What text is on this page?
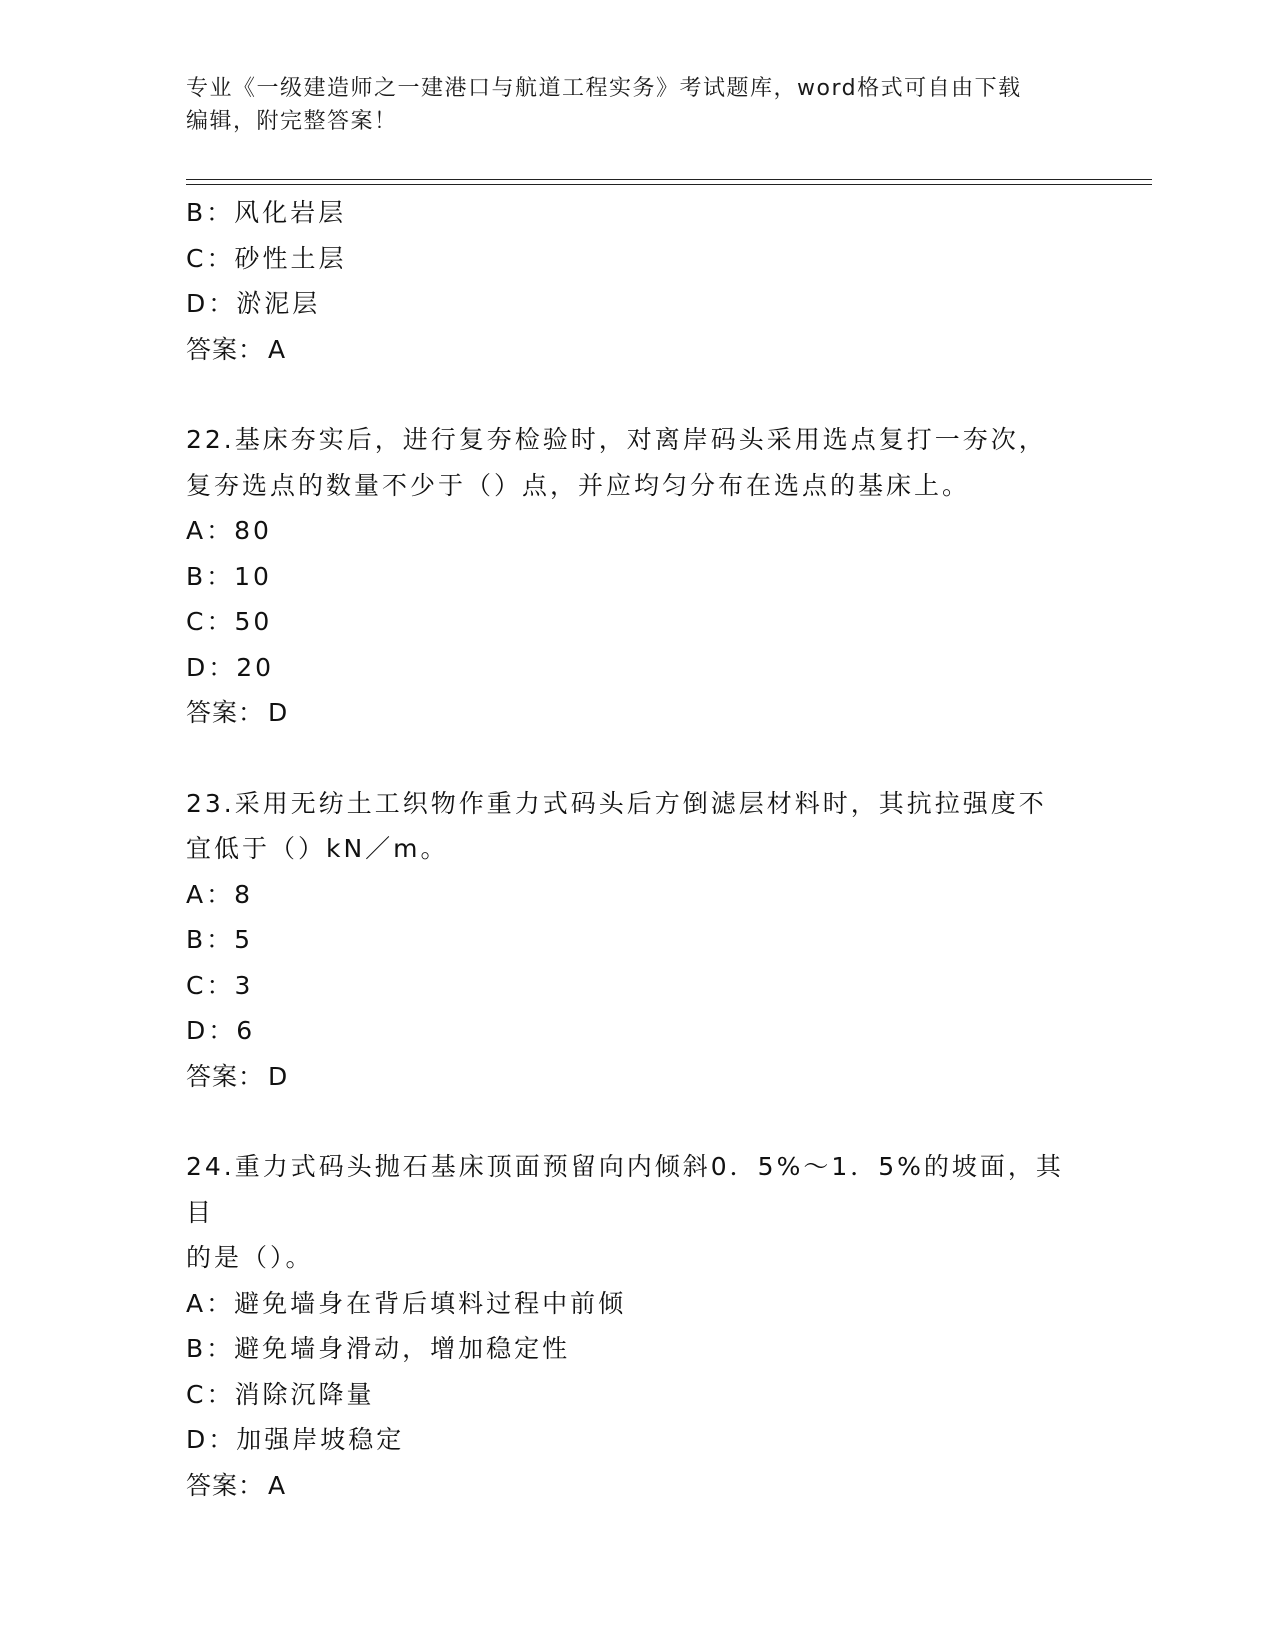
专业《一级建造师之一建港口与航道工程实务》考试题库，word格式可自由下载
编辑，附完整答案！
B：风化岩层
C：砂性土层
D：淤泥层
答案： A
22.基床夯实后，进行复夯检验时，对离岸码头采用选点复打一夯次，
复夯选点的数量不少于（）点，并应均匀分布在选点的基床上。
A：80
B：10
C：50
D：20
答案： D
23.采用无纺土工织物作重力式码头后方倒滤层材料时，其抗拉强度不
宜低于（）kN／m。
A：8
B：5
C：3
D：6
答案： D
24.重力式码头抛石基床顶面预留向内倾斜0．5%～1．5%的坡面，其目
的是（）。
A：避免墙身在背后填料过程中前倾
B：避免墙身滑动，增加稳定性
C：消除沉降量
D：加强岸坡稳定
答案： A
